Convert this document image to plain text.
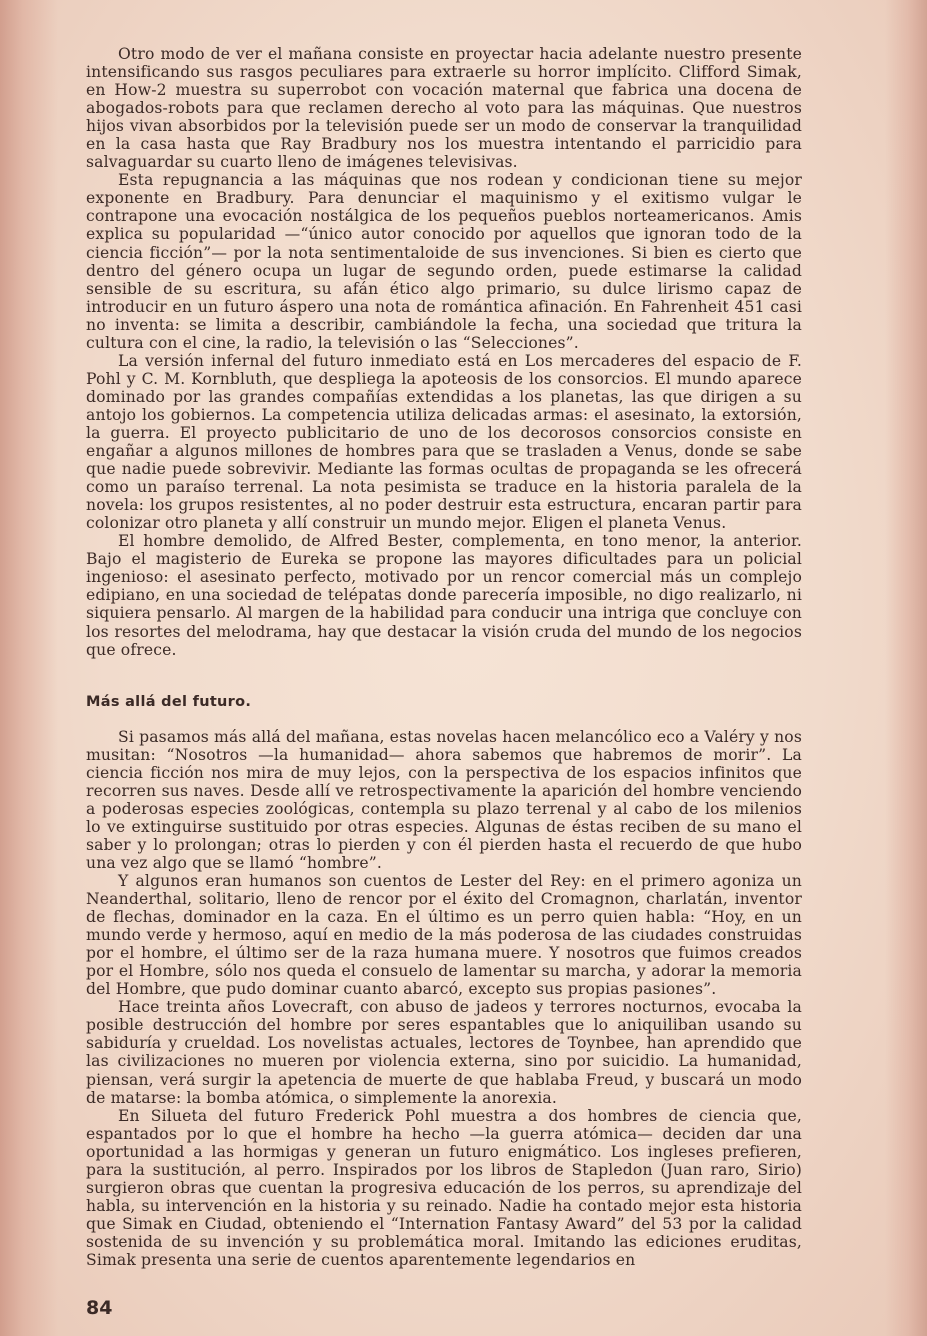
Otro modo de ver el mañana consiste en proyectar hacia adelante nuestro presente intensificando sus rasgos peculiares para extraerle su horror implícito. Clifford Simak, en How-2 muestra su superrobot con vocación maternal que fabrica una docena de abogados-robots para que reclamen derecho al voto para las máquinas. Que nuestros hijos vivan absorbidos por la televisión puede ser un modo de conservar la tranquilidad en la casa hasta que Ray Bradbury nos los muestra intentando el parricidio para salvaguardar su cuarto lleno de imágenes televisivas.

Esta repugnancia a las máquinas que nos rodean y condicionan tiene su mejor exponente en Bradbury. Para denunciar el maquinismo y el exitismo vulgar le contrapone una evocación nostálgica de los pequeños pueblos norteamericanos. Amis explica su popularidad —“único autor conocido por aquellos que ignoran todo de la ciencia ficción”— por la nota sentimentaloide de sus invenciones. Si bien es cierto que dentro del género ocupa un lugar de segundo orden, puede estimarse la calidad sensible de su escritura, su afán ético algo primario, su dulce lirismo capaz de introducir en un futuro áspero una nota de romántica afinación. En Fahrenheit 451 casi no inventa: se limita a describir, cambiándole la fecha, una sociedad que tritura la cultura con el cine, la radio, la televisión o las “Selecciones”.

La versión infernal del futuro inmediato está en Los mercaderes del espacio de F. Pohl y C. M. Kornbluth, que despliega la apoteosis de los consorcios. El mundo aparece dominado por las grandes compañías extendidas a los planetas, las que dirigen a su antojo los gobiernos. La competencia utiliza delicadas armas: el asesinato, la extorsión, la guerra. El proyecto publicitario de uno de los decorosos consorcios consiste en engañar a algunos millones de hombres para que se trasladen a Venus, donde se sabe que nadie puede sobrevivir. Mediante las formas ocultas de propaganda se les ofrecerá como un paraíso terrenal. La nota pesimista se traduce en la historia paralela de la novela: los grupos resistentes, al no poder destruir esta estructura, encaran partir para colonizar otro planeta y allí construir un mundo mejor. Eligen el planeta Venus.

El hombre demolido, de Alfred Bester, complementa, en tono menor, la anterior. Bajo el magisterio de Eureka se propone las mayores dificultades para un policial ingenioso: el asesinato perfecto, motivado por un rencor comercial más un complejo edipiano, en una sociedad de telépatas donde parecería imposible, no digo realizarlo, ni siquiera pensarlo. Al margen de la habilidad para conducir una intriga que concluye con los resortes del melodrama, hay que destacar la visión cruda del mundo de los negocios que ofrece.

Más allá del futuro.

Si pasamos más allá del mañana, estas novelas hacen melancólico eco a Valéry y nos musitan: “Nosotros —la humanidad— ahora sabemos que habremos de morir”. La ciencia ficción nos mira de muy lejos, con la perspectiva de los espacios infinitos que recorren sus naves. Desde allí ve retrospectivamente la aparición del hombre venciendo a poderosas especies zoológicas, contempla su plazo terrenal y al cabo de los milenios lo ve extinguirse sustituido por otras especies. Algunas de éstas reciben de su mano el saber y lo prolongan; otras lo pierden y con él pierden hasta el recuerdo de que hubo una vez algo que se llamó “hombre”.

Y algunos eran humanos son cuentos de Lester del Rey: en el primero agoniza un Neanderthal, solitario, lleno de rencor por el éxito del Cromagnon, charlatán, inventor de flechas, dominador en la caza. En el último es un perro quien habla: “Hoy, en un mundo verde y hermoso, aquí en medio de la más poderosa de las ciudades construidas por el hombre, el último ser de la raza humana muere. Y nosotros que fuimos creados por el Hombre, sólo nos queda el consuelo de lamentar su marcha, y adorar la memoria del Hombre, que pudo dominar cuanto abarcó, excepto sus propias pasiones”.

Hace treinta años Lovecraft, con abuso de jadeos y terrores nocturnos, evocaba la posible destrucción del hombre por seres espantables que lo aniquiliban usando su sabiduría y crueldad. Los novelistas actuales, lectores de Toynbee, han aprendido que las civilizaciones no mueren por violencia externa, sino por suicidio. La humanidad, piensan, verá surgir la apetencia de muerte de que hablaba Freud, y buscará un modo de matarse: la bomba atómica, o simplemente la anorexia.

En Silueta del futuro Frederick Pohl muestra a dos hombres de ciencia que, espantados por lo que el hombre ha hecho —la guerra atómica— deciden dar una oportunidad a las hormigas y generan un futuro enigmático. Los ingleses prefieren, para la sustitución, al perro. Inspirados por los libros de Stapledon (Juan raro, Sirio) surgieron obras que cuentan la progresiva educación de los perros, su aprendizaje del habla, su intervención en la historia y su reinado. Nadie ha contado mejor esta historia que Simak en Ciudad, obteniendo el “Internation Fantasy Award” del 53 por la calidad sostenida de su invención y su problemática moral. Imitando las ediciones eruditas, Simak presenta una serie de cuentos aparentemente legendarios en

84
